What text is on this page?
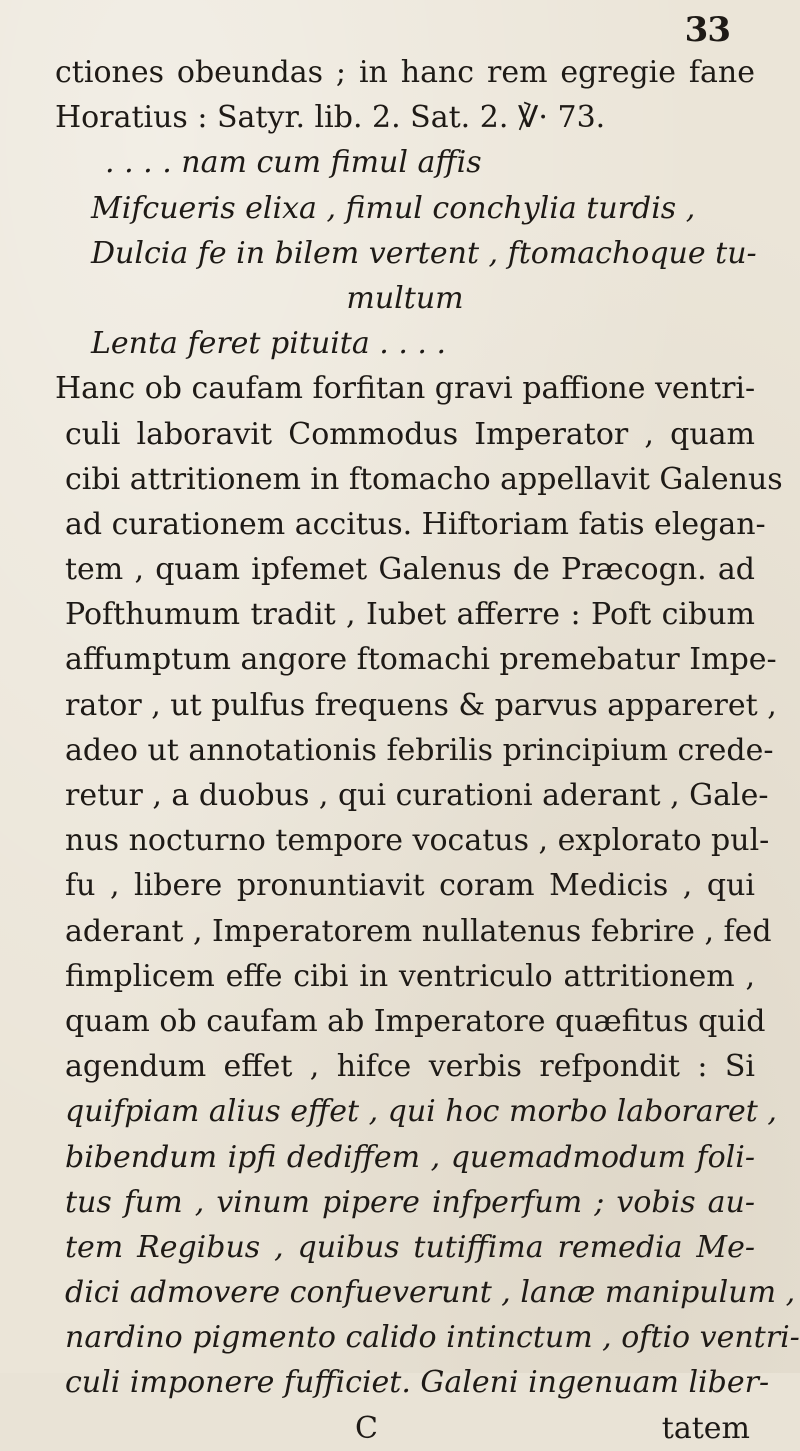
33
ctiones obeundas ; in hanc rem egregie fane
Horatius : Satyr. lib. 2. Sat. 2. ℣· 73.
. . . . nam cum fimul affis
Mifcueris elixa , fimul conchylia turdis ,
Dulcia fe in bilem vertent , ftomachoque tu-
multum
Lenta feret pituita . . . .
Hanc ob caufam forfitan gravi paffione ventri-
culi laboravit Commodus Imperator , quam
cibi attritionem in ftomacho appellavit Galenus
ad curationem accitus. Hiftoriam fatis elegan-
tem , quam ipfemet Galenus de Præcogn. ad
Pofthumum tradit , Iubet afferre : Poft cibum
affumptum angore ftomachi premebatur Impe-
rator , ut pulfus frequens & parvus appareret ,
adeo ut annotationis febrilis principium crede-
retur , a duobus , qui curationi aderant , Gale-
nus nocturno tempore vocatus , explorato pul-
fu , libere pronuntiavit coram Medicis , qui
aderant , Imperatorem nullatenus febrire , fed
fimplicem effe cibi in ventriculo attritionem ,
quam ob caufam ab Imperatore quæfitus quid
agendum effet , hifce verbis refpondit : Si
quifpiam alius effet , qui hoc morbo laboraret ,
bibendum ipfi dediffem , quemadmodum foli-
tus fum , vinum pipere infperfum ; vobis au-
tem Regibus , quibus tutiffima remedia Me-
dici admovere confueverunt , lanæ manipulum ,
nardino pigmento calido intinctum , oftio ventri-
culi imponere fufficiet. Galeni ingenuam liber-
C	tatem
